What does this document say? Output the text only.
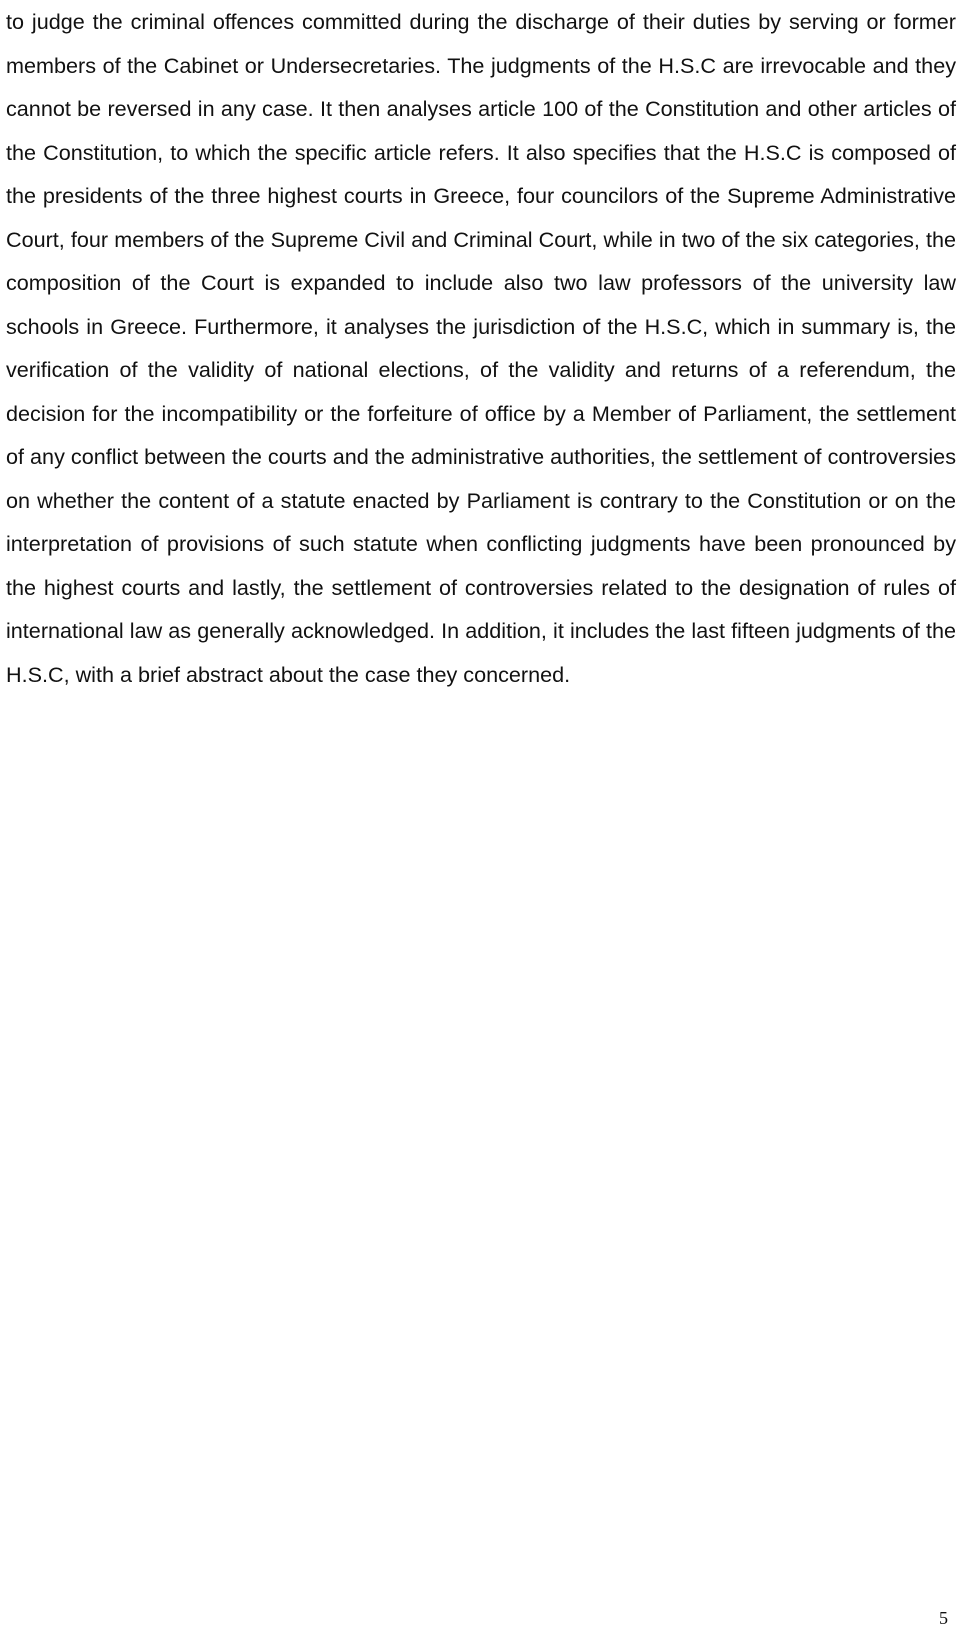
to judge the criminal offences committed during the discharge of their duties by serving or former members of the Cabinet or Undersecretaries. The judgments of the H.S.C are irrevocable and they cannot be reversed in any case. It then analyses article 100 of the Constitution and other articles of the Constitution, to which the specific article refers. It also specifies that the H.S.C is composed of the presidents of the three highest courts in Greece, four councilors of the Supreme Administrative Court, four members of the Supreme Civil and Criminal Court, while in two of the six categories, the composition of the Court is expanded to include also two law professors of the university law schools in Greece. Furthermore, it analyses the jurisdiction of the H.S.C, which in summary is, the verification of the validity of national elections, of the validity and returns of a referendum, the decision for the incompatibility or the forfeiture of office by a Member of Parliament, the settlement of any conflict between the courts and the administrative authorities, the settlement of controversies on whether the content of a statute enacted by Parliament is contrary to the Constitution or on the interpretation of provisions of such statute when conflicting judgments have been pronounced by the highest courts and lastly, the settlement of controversies related to the designation of rules of international law as generally acknowledged. In addition, it includes the last fifteen judgments of the H.S.C, with a brief abstract about the case they concerned.

5
